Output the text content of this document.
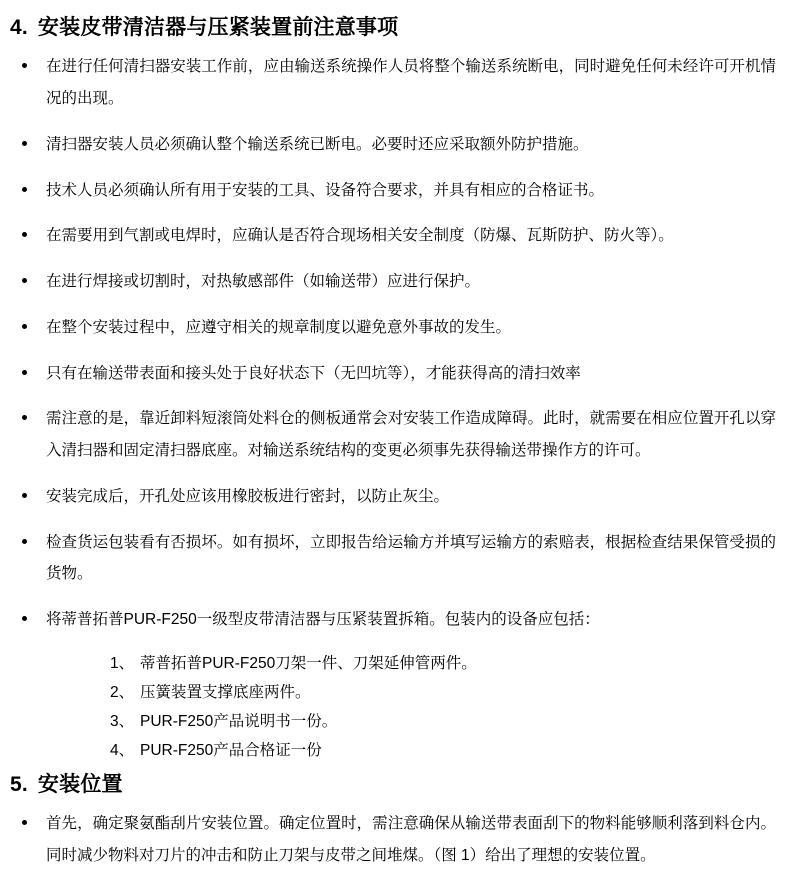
4. 安装皮带清洁器与压紧装置前注意事项
在进行任何清扫器安装工作前，应由输送系统操作人员将整个输送系统断电，同时避免任何未经许可开机情况的出现。
清扫器安装人员必须确认整个输送系统已断电。必要时还应采取额外防护措施。
技术人员必须确认所有用于安装的工具、设备符合要求，并具有相应的合格证书。
在需要用到气割或电焊时，应确认是否符合现场相关安全制度（防爆、瓦斯防护、防火等）。
在进行焊接或切割时，对热敏感部件（如输送带）应进行保护。
在整个安装过程中，应遵守相关的规章制度以避免意外事故的发生。
只有在输送带表面和接头处于良好状态下（无凹坑等），才能获得高的清扫效率
需注意的是，靠近卸料短滚筒处料仓的侧板通常会对安装工作造成障碍。此时，就需要在相应位置开孔以穿入清扫器和固定清扫器底座。对输送系统结构的变更必须事先获得输送带操作方的许可。
安装完成后，开孔处应该用橡胶板进行密封，以防止灰尘。
检查货运包装看有否损坏。如有损坏，立即报告给运输方并填写运输方的索赔表，根据检查结果保管受损的货物。
将蒂普拓普PUR-F250一级型皮带清洁器与压紧装置拆箱。包装内的设备应包括：
1、 蒂普拓普PUR-F250刀架一件、刀架延伸管两件。
2、 压簧装置支撑底座两件。
3、 PUR-F250产品说明书一份。
4、 PUR-F250产品合格证一份
5. 安装位置
首先，确定聚氨酯刮片安装位置。确定位置时，需注意确保从输送带表面刮下的物料能够顺利落到料仓内。同时减少物料对刀片的冲击和防止刀架与皮带之间堆煤。（图 1）给出了理想的安装位置。
